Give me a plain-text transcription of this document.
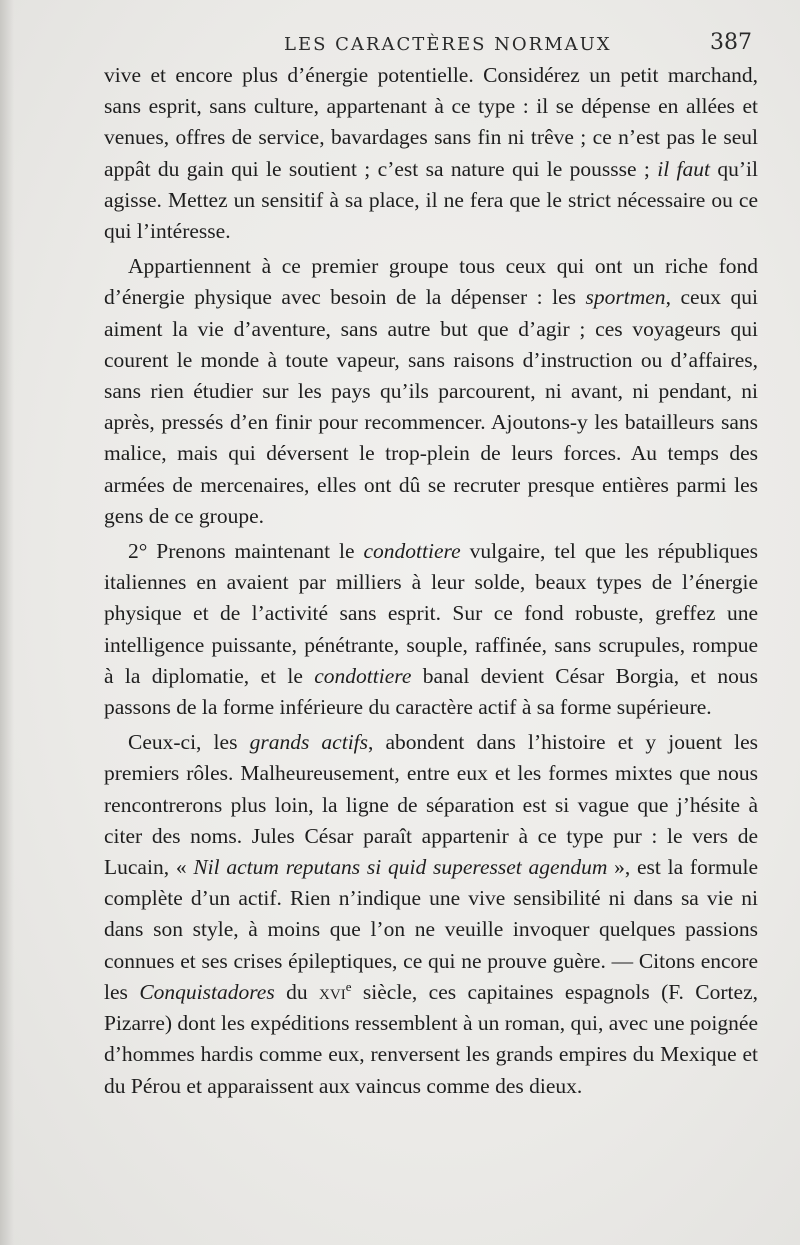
LES CARACTÈRES NORMAUX	387

vive et encore plus d’énergie potentielle. Considérez un petit marchand, sans esprit, sans culture, appartenant à ce type : il se dépense en allées et venues, offres de service, bavardages sans fin ni trêve ; ce n’est pas le seul appât du gain qui le soutient ; c’est sa nature qui le poussse ; il faut qu’il agisse. Mettez un sensitif à sa place, il ne fera que le strict nécessaire ou ce qui l’intéresse.

Appartiennent à ce premier groupe tous ceux qui ont un riche fond d’énergie physique avec besoin de la dépenser : les sportmen, ceux qui aiment la vie d’aventure, sans autre but que d’agir ; ces voyageurs qui courent le monde à toute vapeur, sans raisons d’instruction ou d’affaires, sans rien étudier sur les pays qu’ils parcourent, ni avant, ni pendant, ni après, pressés d’en finir pour recommencer. Ajoutons-y les batailleurs sans malice, mais qui déversent le trop-plein de leurs forces. Au temps des armées de mercenaires, elles ont dû se recruter presque entières parmi les gens de ce groupe.

2° Prenons maintenant le condottiere vulgaire, tel que les républiques italiennes en avaient par milliers à leur solde, beaux types de l’énergie physique et de l’activité sans esprit. Sur ce fond robuste, greffez une intelligence puissante, pénétrante, souple, raffinée, sans scrupules, rompue à la diplomatie, et le condottiere banal devient César Borgia, et nous passons de la forme inférieure du caractère actif à sa forme supérieure.

Ceux-ci, les grands actifs, abondent dans l’histoire et y jouent les premiers rôles. Malheureusement, entre eux et les formes mixtes que nous rencontrerons plus loin, la ligne de séparation est si vague que j’hésite à citer des noms. Jules César paraît appartenir à ce type pur : le vers de Lucain, « Nil actum reputans si quid superesset agendum », est la formule complète d’un actif. Rien n’indique une vive sensibilité ni dans sa vie ni dans son style, à moins que l’on ne veuille invoquer quelques passions connues et ses crises épileptiques, ce qui ne prouve guère. — Citons encore les Conquistadores du xvi$^e$ siècle, ces capitaines espagnols (F. Cortez, Pizarre) dont les expéditions ressemblent à un roman, qui, avec une poignée d’hommes hardis comme eux, renversent les grands empires du Mexique et du Pérou et apparaissent aux vaincus comme des dieux.
